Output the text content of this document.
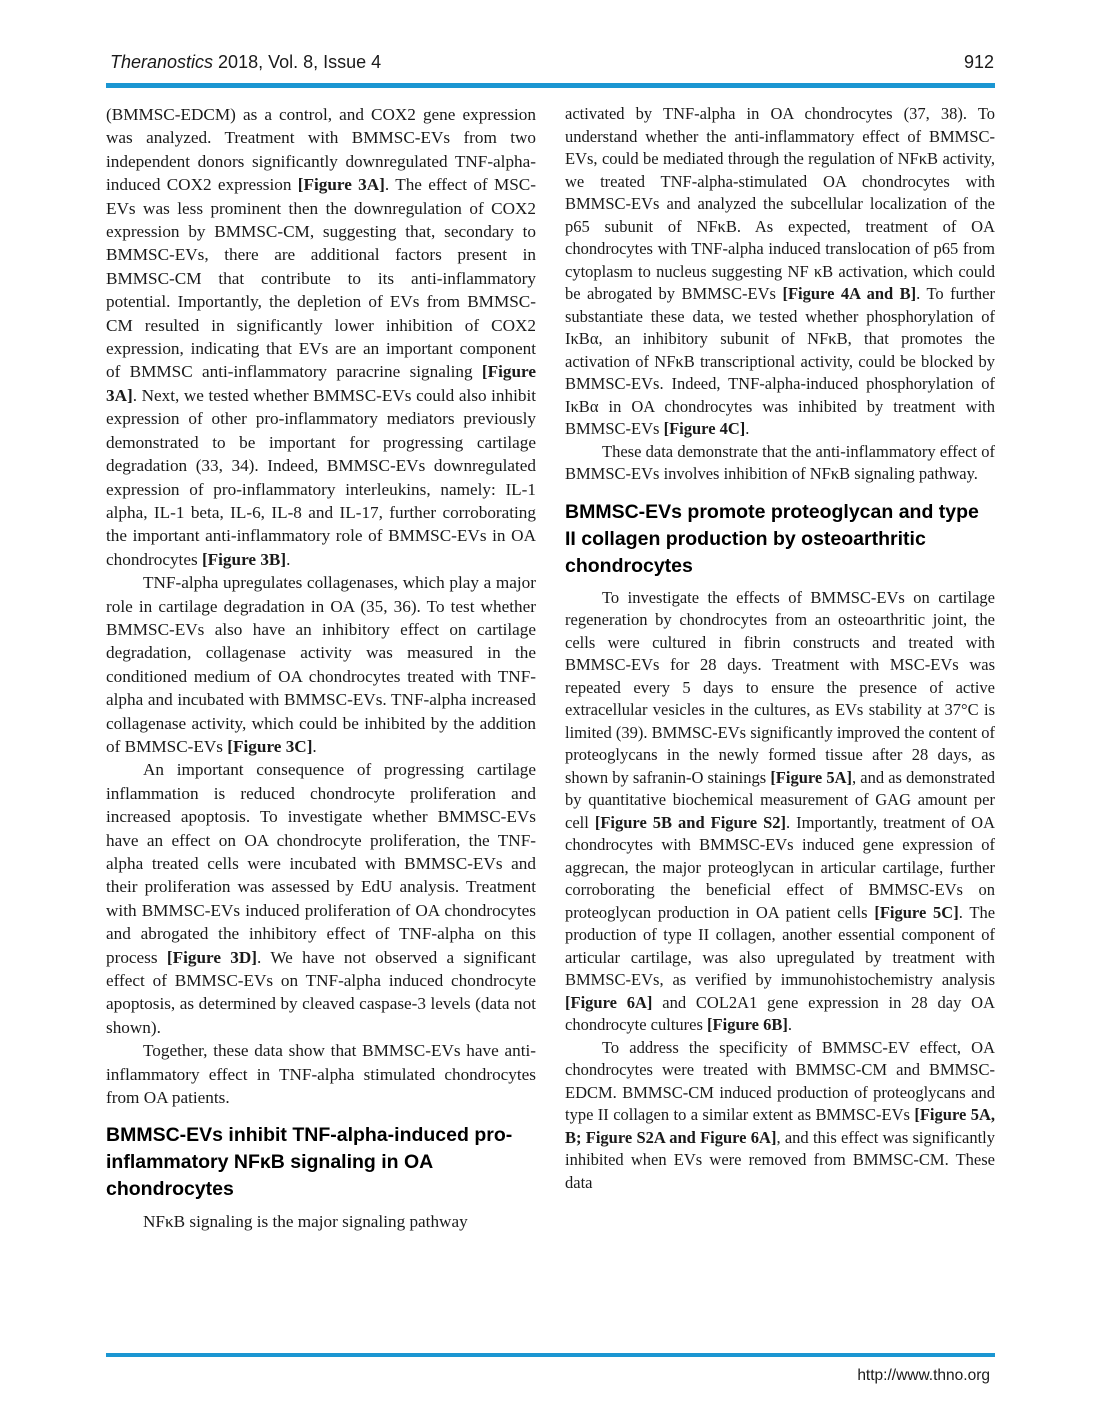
Theranostics 2018, Vol. 8, Issue 4	912

(BMMSC-EDCM) as a control, and COX2 gene expression was analyzed. Treatment with BMMSC-EVs from two independent donors significantly downregulated TNF-alpha-induced COX2 expression [Figure 3A]. The effect of MSC-EVs was less prominent then the downregulation of COX2 expression by BMMSC-CM, suggesting that, secondary to BMMSC-EVs, there are additional factors present in BMMSC-CM that contribute to its anti-inflammatory potential. Importantly, the depletion of EVs from BMMSC-CM resulted in significantly lower inhibition of COX2 expression, indicating that EVs are an important component of BMMSC anti-inflammatory paracrine signaling [Figure 3A]. Next, we tested whether BMMSC-EVs could also inhibit expression of other pro-inflammatory mediators previously demonstrated to be important for progressing cartilage degradation (33, 34). Indeed, BMMSC-EVs downregulated expression of pro-inflammatory interleukins, namely: IL-1 alpha, IL-1 beta, IL-6, IL-8 and IL-17, further corroborating the important anti-inflammatory role of BMMSC-EVs in OA chondrocytes [Figure 3B].

TNF-alpha upregulates collagenases, which play a major role in cartilage degradation in OA (35, 36). To test whether BMMSC-EVs also have an inhibitory effect on cartilage degradation, collagenase activity was measured in the conditioned medium of OA chondrocytes treated with TNF-alpha and incubated with BMMSC-EVs. TNF-alpha increased collagenase activity, which could be inhibited by the addition of BMMSC-EVs [Figure 3C].

An important consequence of progressing cartilage inflammation is reduced chondrocyte proliferation and increased apoptosis. To investigate whether BMMSC-EVs have an effect on OA chondrocyte proliferation, the TNF-alpha treated cells were incubated with BMMSC-EVs and their proliferation was assessed by EdU analysis. Treatment with BMMSC-EVs induced proliferation of OA chondrocytes and abrogated the inhibitory effect of TNF-alpha on this process [Figure 3D]. We have not observed a significant effect of BMMSC-EVs on TNF-alpha induced chondrocyte apoptosis, as determined by cleaved caspase-3 levels (data not shown).

Together, these data show that BMMSC-EVs have anti-inflammatory effect in TNF-alpha stimulated chondrocytes from OA patients.

BMMSC-EVs inhibit TNF-alpha-induced pro-inflammatory NFκB signaling in OA chondrocytes

NFκB signaling is the major signaling pathway

activated by TNF-alpha in OA chondrocytes (37, 38). To understand whether the anti-inflammatory effect of BMMSC-EVs, could be mediated through the regulation of NFκB activity, we treated TNF-alpha-stimulated OA chondrocytes with BMMSC-EVs and analyzed the subcellular localization of the p65 subunit of NFκB. As expected, treatment of OA chondrocytes with TNF-alpha induced translocation of p65 from cytoplasm to nucleus suggesting NF κB activation, which could be abrogated by BMMSC-EVs [Figure 4A and B]. To further substantiate these data, we tested whether phosphorylation of IκBα, an inhibitory subunit of NFκB, that promotes the activation of NFκB transcriptional activity, could be blocked by BMMSC-EVs. Indeed, TNF-alpha-induced phosphorylation of IκBα in OA chondrocytes was inhibited by treatment with BMMSC-EVs [Figure 4C].

These data demonstrate that the anti-inflammatory effect of BMMSC-EVs involves inhibition of NFκB signaling pathway.

BMMSC-EVs promote proteoglycan and type II collagen production by osteoarthritic chondrocytes

To investigate the effects of BMMSC-EVs on cartilage regeneration by chondrocytes from an osteoarthritic joint, the cells were cultured in fibrin constructs and treated with BMMSC-EVs for 28 days. Treatment with MSC-EVs was repeated every 5 days to ensure the presence of active extracellular vesicles in the cultures, as EVs stability at 37°C is limited (39). BMMSC-EVs significantly improved the content of proteoglycans in the newly formed tissue after 28 days, as shown by safranin-O stainings [Figure 5A], and as demonstrated by quantitative biochemical measurement of GAG amount per cell [Figure 5B and Figure S2]. Importantly, treatment of OA chondrocytes with BMMSC-EVs induced gene expression of aggrecan, the major proteoglycan in articular cartilage, further corroborating the beneficial effect of BMMSC-EVs on proteoglycan production in OA patient cells [Figure 5C]. The production of type II collagen, another essential component of articular cartilage, was also upregulated by treatment with BMMSC-EVs, as verified by immunohistochemistry analysis [Figure 6A] and COL2A1 gene expression in 28 day OA chondrocyte cultures [Figure 6B].

To address the specificity of BMMSC-EV effect, OA chondrocytes were treated with BMMSC-CM and BMMSC-EDCM. BMMSC-CM induced production of proteoglycans and type II collagen to a similar extent as BMMSC-EVs [Figure 5A, B; Figure S2A and Figure 6A], and this effect was significantly inhibited when EVs were removed from BMMSC-CM. These data

http://www.thno.org
